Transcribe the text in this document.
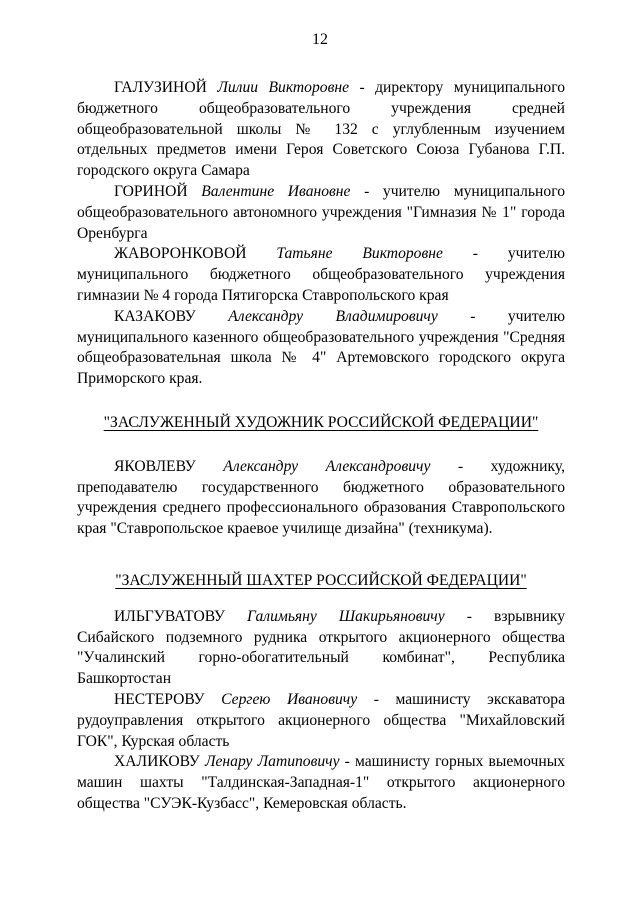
12

ГАЛУЗИНОЙ Лилии Викторовне - директору муниципального бюджетного общеобразовательного учреждения средней общеобразовательной школы № 132 с углубленным изучением отдельных предметов имени Героя Советского Союза Губанова Г.П. городского округа Самара

ГОРИНОЙ Валентине Ивановне - учителю муниципального общеобразовательного автономного учреждения "Гимназия № 1" города Оренбурга

ЖАВОРОНКОВОЙ Татьяне Викторовне - учителю муниципального бюджетного общеобразовательного учреждения гимназии № 4 города Пятигорска Ставропольского края

КАЗАКОВУ Александру Владимировичу - учителю муниципального казенного общеобразовательного учреждения "Средняя общеобразовательная школа № 4" Артемовского городского округа Приморского края.

"ЗАСЛУЖЕННЫЙ ХУДОЖНИК РОССИЙСКОЙ ФЕДЕРАЦИИ"

ЯКОВЛЕВУ Александру Александровичу - художнику, преподавателю государственного бюджетного образовательного учреждения среднего профессионального образования Ставропольского края "Ставропольское краевое училище дизайна" (техникума).

"ЗАСЛУЖЕННЫЙ ШАХТЕР РОССИЙСКОЙ ФЕДЕРАЦИИ"

ИЛЬГУВАТОВУ Галимьяну Шакирьяновичу - взрывнику Сибайского подземного рудника открытого акционерного общества "Учалинский горно-обогатительный комбинат", Республика Башкортостан

НЕСТЕРОВУ Сергею Ивановичу - машинисту экскаватора рудоуправления открытого акционерного общества "Михайловский ГОК", Курская область

ХАЛИКОВУ Ленару Латиповичу - машинисту горных выемочных машин шахты "Талдинская-Западная-1" открытого акционерного общества "СУЭК-Кузбасс", Кемеровская область.
